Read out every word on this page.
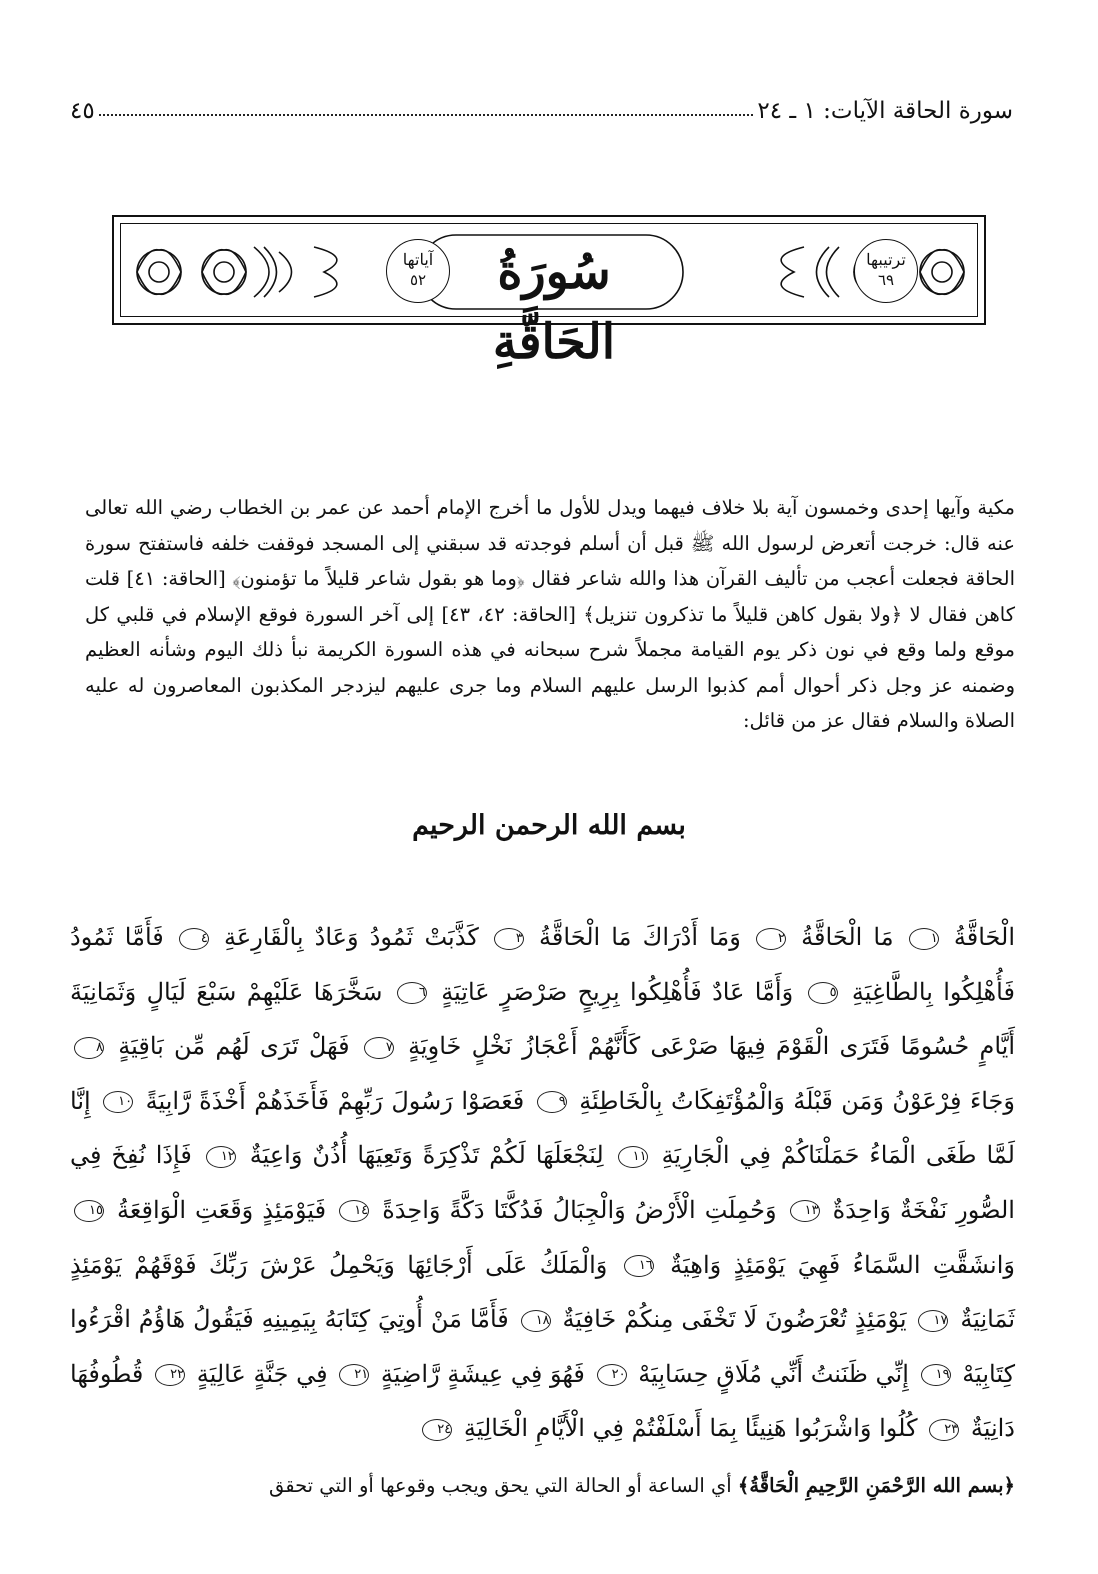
سورة الحاقة الآيات: ١ ـ ٢٤
٤٥
ترتيبها
٦٩
آياتها
٥٢	سُورَةُ الحَاقَّةِ

مكية وآيها إحدى وخمسون آية بلا خلاف فيهما ويدل للأول ما أخرج الإمام أحمد عن عمر بن الخطاب رضي الله تعالى عنه قال: خرجت أتعرض لرسول الله ﷺ قبل أن أسلم فوجدته قد سبقني إلى المسجد فوقفت خلفه فاستفتح سورة الحاقة فجعلت أعجب من تأليف القرآن هذا والله شاعر فقال ﴿وما هو بقول شاعر قليلاً ما تؤمنون﴾ [الحاقة: ٤١] قلت كاهن فقال لا ﴿ولا بقول كاهن قليلاً ما تذكرون تنزيل﴾ [الحاقة: ٤٢، ٤٣] إلى آخر السورة فوقع الإسلام في قلبي كل موقع ولما وقع في نون ذكر يوم القيامة مجملاً شرح سبحانه في هذه السورة الكريمة نبأ ذلك اليوم وشأنه العظيم وضمنه عز وجل ذكر أحوال أمم كذبوا الرسل عليهم السلام وما جرى عليهم ليزدجر المكذبون المعاصرون له عليه الصلاة والسلام فقال عز من قائل:

بسم الله الرحمن الرحيم
الْحَاقَّةُ ١ مَا الْحَاقَّةُ ٢ وَمَا أَدْرَاكَ مَا الْحَاقَّةُ ٣ كَذَّبَتْ ثَمُودُ وَعَادٌ بِالْقَارِعَةِ ٤ فَأَمَّا ثَمُودُ فَأُهْلِكُوا بِالطَّاغِيَةِ ٥ وَأَمَّا عَادٌ فَأُهْلِكُوا بِرِيحٍ صَرْصَرٍ عَاتِيَةٍ ٦ سَخَّرَهَا عَلَيْهِمْ سَبْعَ لَيَالٍ وَثَمَانِيَةَ أَيَّامٍ حُسُومًا فَتَرَى الْقَوْمَ فِيهَا صَرْعَى كَأَنَّهُمْ أَعْجَازُ نَخْلٍ خَاوِيَةٍ ٧ فَهَلْ تَرَى لَهُم مِّن بَاقِيَةٍ ٨ وَجَاءَ فِرْعَوْنُ وَمَن قَبْلَهُ وَالْمُؤْتَفِكَاتُ بِالْخَاطِئَةِ ٩ فَعَصَوْا رَسُولَ رَبِّهِمْ فَأَخَذَهُمْ أَخْذَةً رَّابِيَةً ١٠ إِنَّا لَمَّا طَغَى الْمَاءُ حَمَلْنَاكُمْ فِي الْجَارِيَةِ ١١ لِنَجْعَلَهَا لَكُمْ تَذْكِرَةً وَتَعِيَهَا أُذُنٌ وَاعِيَةٌ ١٢ فَإِذَا نُفِخَ فِي الصُّورِ نَفْخَةٌ وَاحِدَةٌ ١٣ وَحُمِلَتِ الْأَرْضُ وَالْجِبَالُ فَدُكَّتَا دَكَّةً وَاحِدَةً ١٤ فَيَوْمَئِذٍ وَقَعَتِ الْوَاقِعَةُ ١٥ وَانشَقَّتِ السَّمَاءُ فَهِيَ يَوْمَئِذٍ وَاهِيَةٌ ١٦ وَالْمَلَكُ عَلَى أَرْجَائِهَا وَيَحْمِلُ عَرْشَ رَبِّكَ فَوْقَهُمْ يَوْمَئِذٍ ثَمَانِيَةٌ ١٧ يَوْمَئِذٍ تُعْرَضُونَ لَا تَخْفَى مِنكُمْ خَافِيَةٌ ١٨ فَأَمَّا مَنْ أُوتِيَ كِتَابَهُ بِيَمِينِهِ فَيَقُولُ هَاؤُمُ اقْرَءُوا كِتَابِيَهْ ١٩ إِنِّي ظَنَنتُ أَنِّي مُلَاقٍ حِسَابِيَهْ ٢٠ فَهُوَ فِي عِيشَةٍ رَّاضِيَةٍ ٢١ فِي جَنَّةٍ عَالِيَةٍ ٢٢ قُطُوفُهَا دَانِيَةٌ ٢٣ كُلُوا وَاشْرَبُوا هَنِيئًا بِمَا أَسْلَفْتُمْ فِي الْأَيَّامِ الْخَالِيَةِ ٢٤
﴿بسم الله الرَّحْمَنِ الرَّحِيمِ الْحَاقَّةُ﴾ أي الساعة أو الحالة التي يحق ويجب وقوعها أو التي تحقق
